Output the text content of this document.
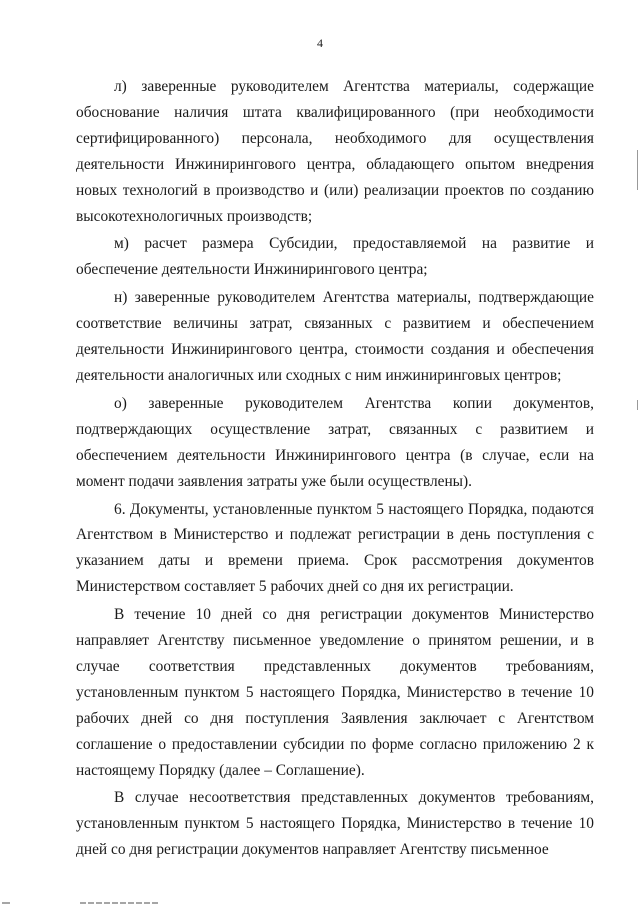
4

л) заверенные руководителем Агентства материалы, содержащие обоснование наличия штата квалифицированного (при необходимости сертифицированного) персонала, необходимого для осуществления деятельности Инжинирингового центра, обладающего опытом внедрения новых технологий в производство и (или) реализации проектов по созданию высокотехнологичных производств;

м) расчет размера Субсидии, предоставляемой на развитие и обеспечение деятельности Инжинирингового центра;

н) заверенные руководителем Агентства материалы, подтверждающие соответствие величины затрат, связанных с развитием и обеспечением деятельности Инжинирингового центра, стоимости создания и обеспечения деятельности аналогичных или сходных с ним инжиниринговых центров;

о) заверенные руководителем Агентства копии документов, подтверждающих осуществление затрат, связанных с развитием и обеспечением деятельности Инжинирингового центра (в случае, если на момент подачи заявления затраты уже были осуществлены).

6. Документы, установленные пунктом 5 настоящего Порядка, подаются Агентством в Министерство и подлежат регистрации в день поступления с указанием даты и времени приема. Срок рассмотрения документов Министерством составляет 5 рабочих дней со дня их регистрации.

В течение 10 дней со дня регистрации документов Министерство направляет Агентству письменное уведомление о принятом решении, и в случае соответствия представленных документов требованиям, установленным пунктом 5 настоящего Порядка, Министерство в течение 10 рабочих дней со дня поступления Заявления заключает с Агентством соглашение о предоставлении субсидии по форме согласно приложению 2 к настоящему Порядку (далее – Соглашение).

В случае несоответствия представленных документов требованиям, установленным пунктом 5 настоящего Порядка, Министерство в течение 10 дней со дня регистрации документов направляет Агентству письменное
